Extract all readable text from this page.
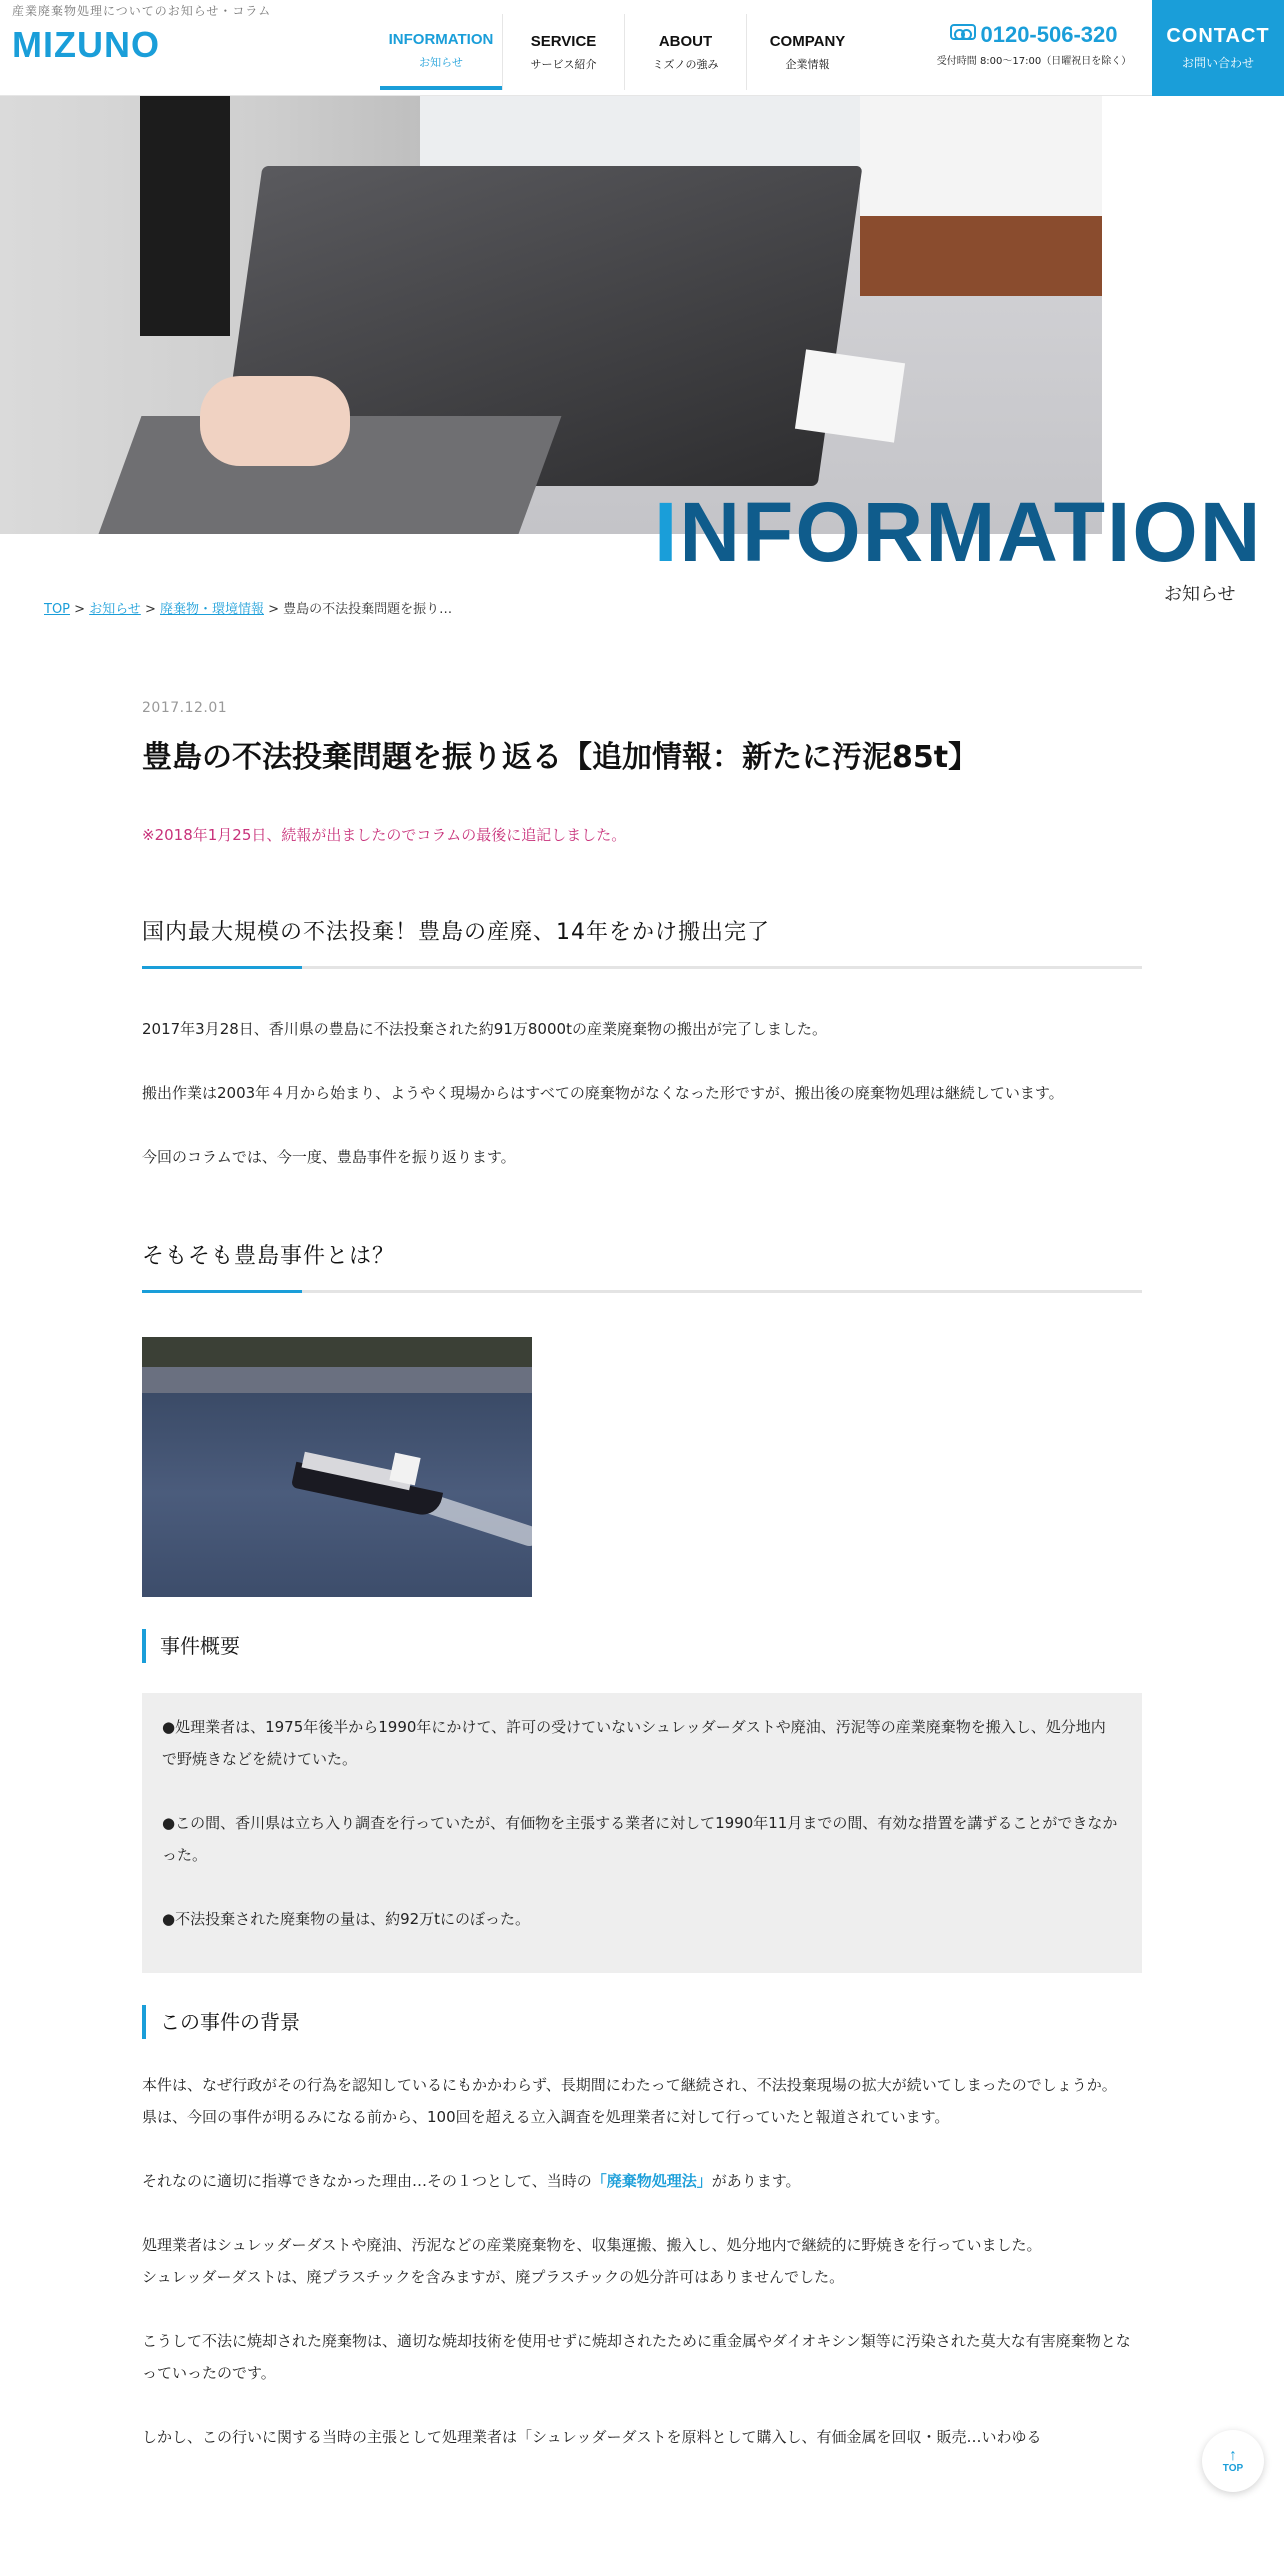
産業廃棄物処理についてのお知らせ・コラム
MIZUNO	INFORMATION
お知らせ
SERVICE
サービス紹介
ABOUT
ミズノの強み
COMPANY
企業情報
0120-506-320
受付時間 8:00～17:00（日曜祝日を除く）
CONTACT
お問い合わせ
INFORMATION
お知らせ
TOP > お知らせ > 廃棄物・環境情報 > 豊島の不法投棄問題を振り…
2017.12.01
豊島の不法投棄問題を振り返る【追加情報：新たに汚泥85t】
※2018年1月25日、続報が出ましたのでコラムの最後に追記しました。
国内最大規模の不法投棄！豊島の産廃、14年をかけ搬出完了
2017年3月28日、香川県の豊島に不法投棄された約91万8000tの産業廃棄物の搬出が完了しました。
搬出作業は2003年４月から始まり、ようやく現場からはすべての廃棄物がなくなった形ですが、搬出後の廃棄物処理は継続しています。
今回のコラムでは、今一度、豊島事件を振り返ります。
そもそも豊島事件とは？
事件概要
●処理業者は、1975年後半から1990年にかけて、許可の受けていないシュレッダーダストや廃油、汚泥等の産業廃棄物を搬入し、処分地内で野焼きなどを続けていた。
●この間、香川県は立ち入り調査を行っていたが、有価物を主張する業者に対して1990年11月までの間、有効な措置を講ずることができなかった。
●不法投棄された廃棄物の量は、約92万tにのぼった。
この事件の背景
本件は、なぜ行政がその行為を認知しているにもかかわらず、長期間にわたって継続され、不法投棄現場の拡大が続いてしまったのでしょうか。
県は、今回の事件が明るみになる前から、100回を超える立入調査を処理業者に対して行っていたと報道されています。
それなのに適切に指導できなかった理由…その１つとして、当時の「廃棄物処理法」があります。
処理業者はシュレッダーダストや廃油、汚泥などの産業廃棄物を、収集運搬、搬入し、処分地内で継続的に野焼きを行っていました。
シュレッダーダストは、廃プラスチックを含みますが、廃プラスチックの処分許可はありませんでした。
こうして不法に焼却された廃棄物は、適切な焼却技術を使用せずに焼却されたために重金属やダイオキシン類等に汚染された莫大な有害廃棄物となっていったのです。
しかし、この行いに関する当時の主張として処理業者は「シュレッダーダストを原料として購入し、有価金属を回収・販売…いわゆる
↑
TOP
